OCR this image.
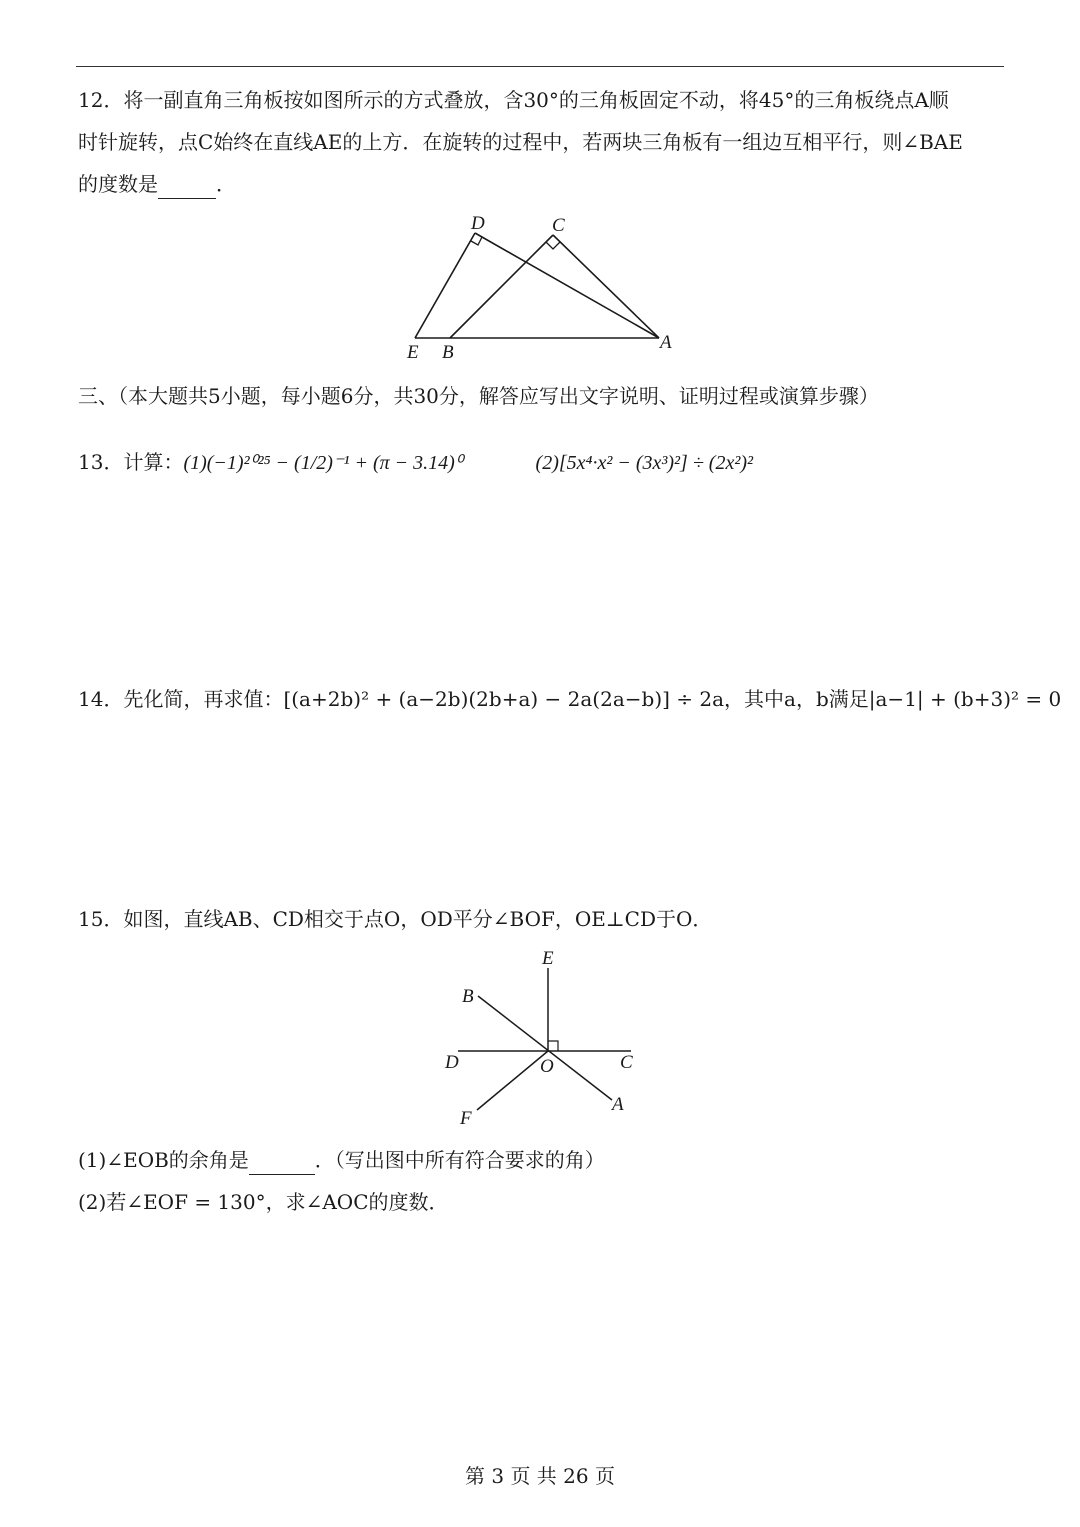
12．将一副直角三角板按如图所示的方式叠放，含30°的三角板固定不动，将45°的三角板绕点A顺
时针旋转，点C始终在直线AE的上方．在旋转的过程中，若两块三角板有一组边互相平行，则∠BAE
的度数是	．
D	C
E B	A
三、（本大题共5小题，每小题6分，共30分，解答应写出文字说明、证明过程或演算步骤）
13．计算：(1)(−1)²⁰²⁵ − (1/2)⁻¹ + (π − 3.14)⁰	(2)[5x⁴·x² − (3x³)²] ÷ (2x²)²
14．先化简，再求值：[(a+2b)² + (a−2b)(2b+a) − 2a(2a−b)] ÷ 2a，其中a，b满足|a−1| + (b+3)² = 0
15．如图，直线AB、CD相交于点O，OD平分∠BOF，OE⊥CD于O．
E
B
D	O	C
F
A
(1)∠EOB的余角是	．（写出图中所有符合要求的角）
(2)若∠EOF = 130°，求∠AOC的度数．
第 3 页 共 26 页
